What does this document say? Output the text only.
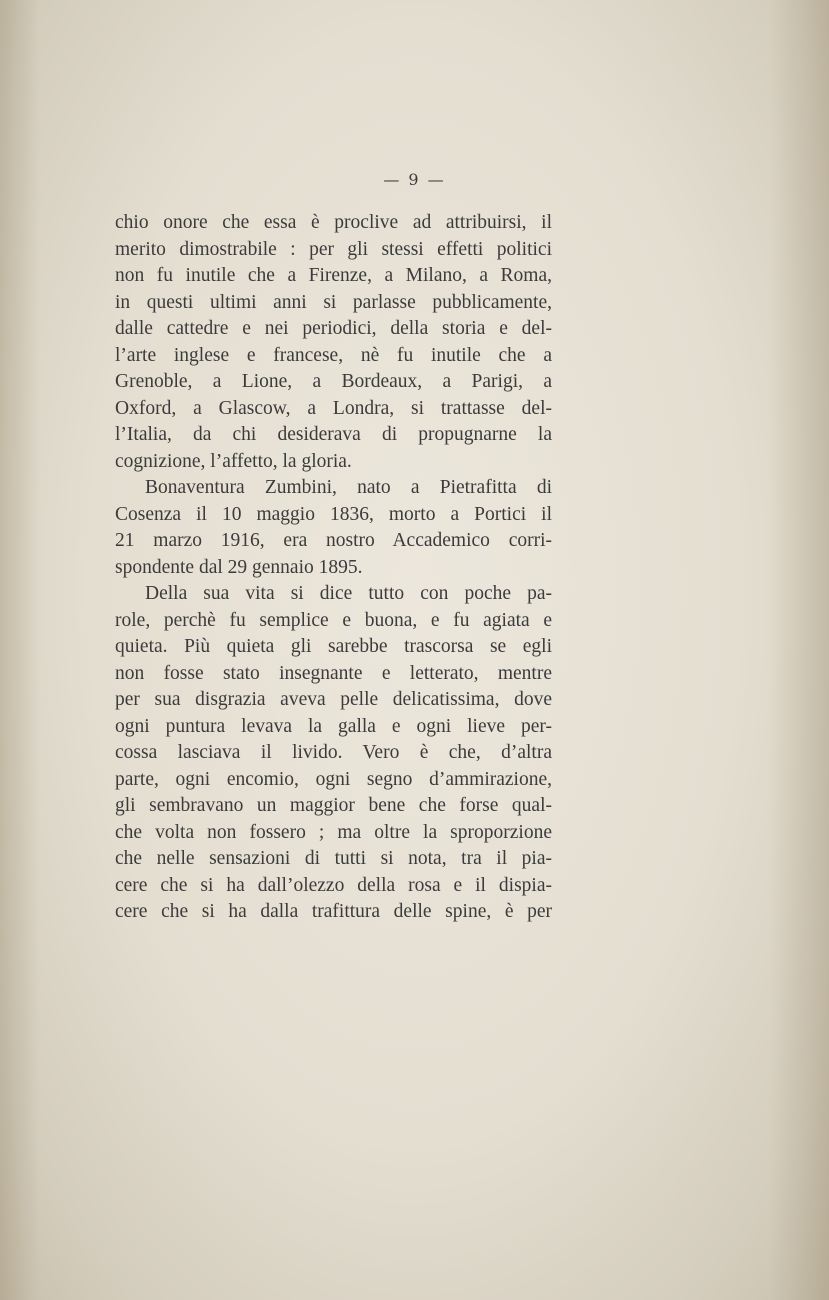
— 9 —
chio onore che essa è proclive ad attribuirsi, il
merito dimostrabile : per gli stessi effetti politici
non fu inutile che a Firenze, a Milano, a Roma,
in questi ultimi anni si parlasse pubblicamente,
dalle cattedre e nei periodici, della storia e del-
l’arte inglese e francese, nè fu inutile che a
Grenoble, a Lione, a Bordeaux, a Parigi, a
Oxford, a Glascow, a Londra, si trattasse del-
l’Italia, da chi desiderava di propugnarne la
cognizione, l’affetto, la gloria.
Bonaventura Zumbini, nato a Pietrafitta di
Cosenza il 10 maggio 1836, morto a Portici il
21 marzo 1916, era nostro Accademico corri-
spondente dal 29 gennaio 1895.
Della sua vita si dice tutto con poche pa-
role, perchè fu semplice e buona, e fu agiata e
quieta. Più quieta gli sarebbe trascorsa se egli
non fosse stato insegnante e letterato, mentre
per sua disgrazia aveva pelle delicatissima, dove
ogni puntura levava la galla e ogni lieve per-
cossa lasciava il livido. Vero è che, d’altra
parte, ogni encomio, ogni segno d’ammirazione,
gli sembravano un maggior bene che forse qual-
che volta non fossero ; ma oltre la sproporzione
che nelle sensazioni di tutti si nota, tra il pia-
cere che si ha dall’olezzo della rosa e il dispia-
cere che si ha dalla trafittura delle spine, è per
